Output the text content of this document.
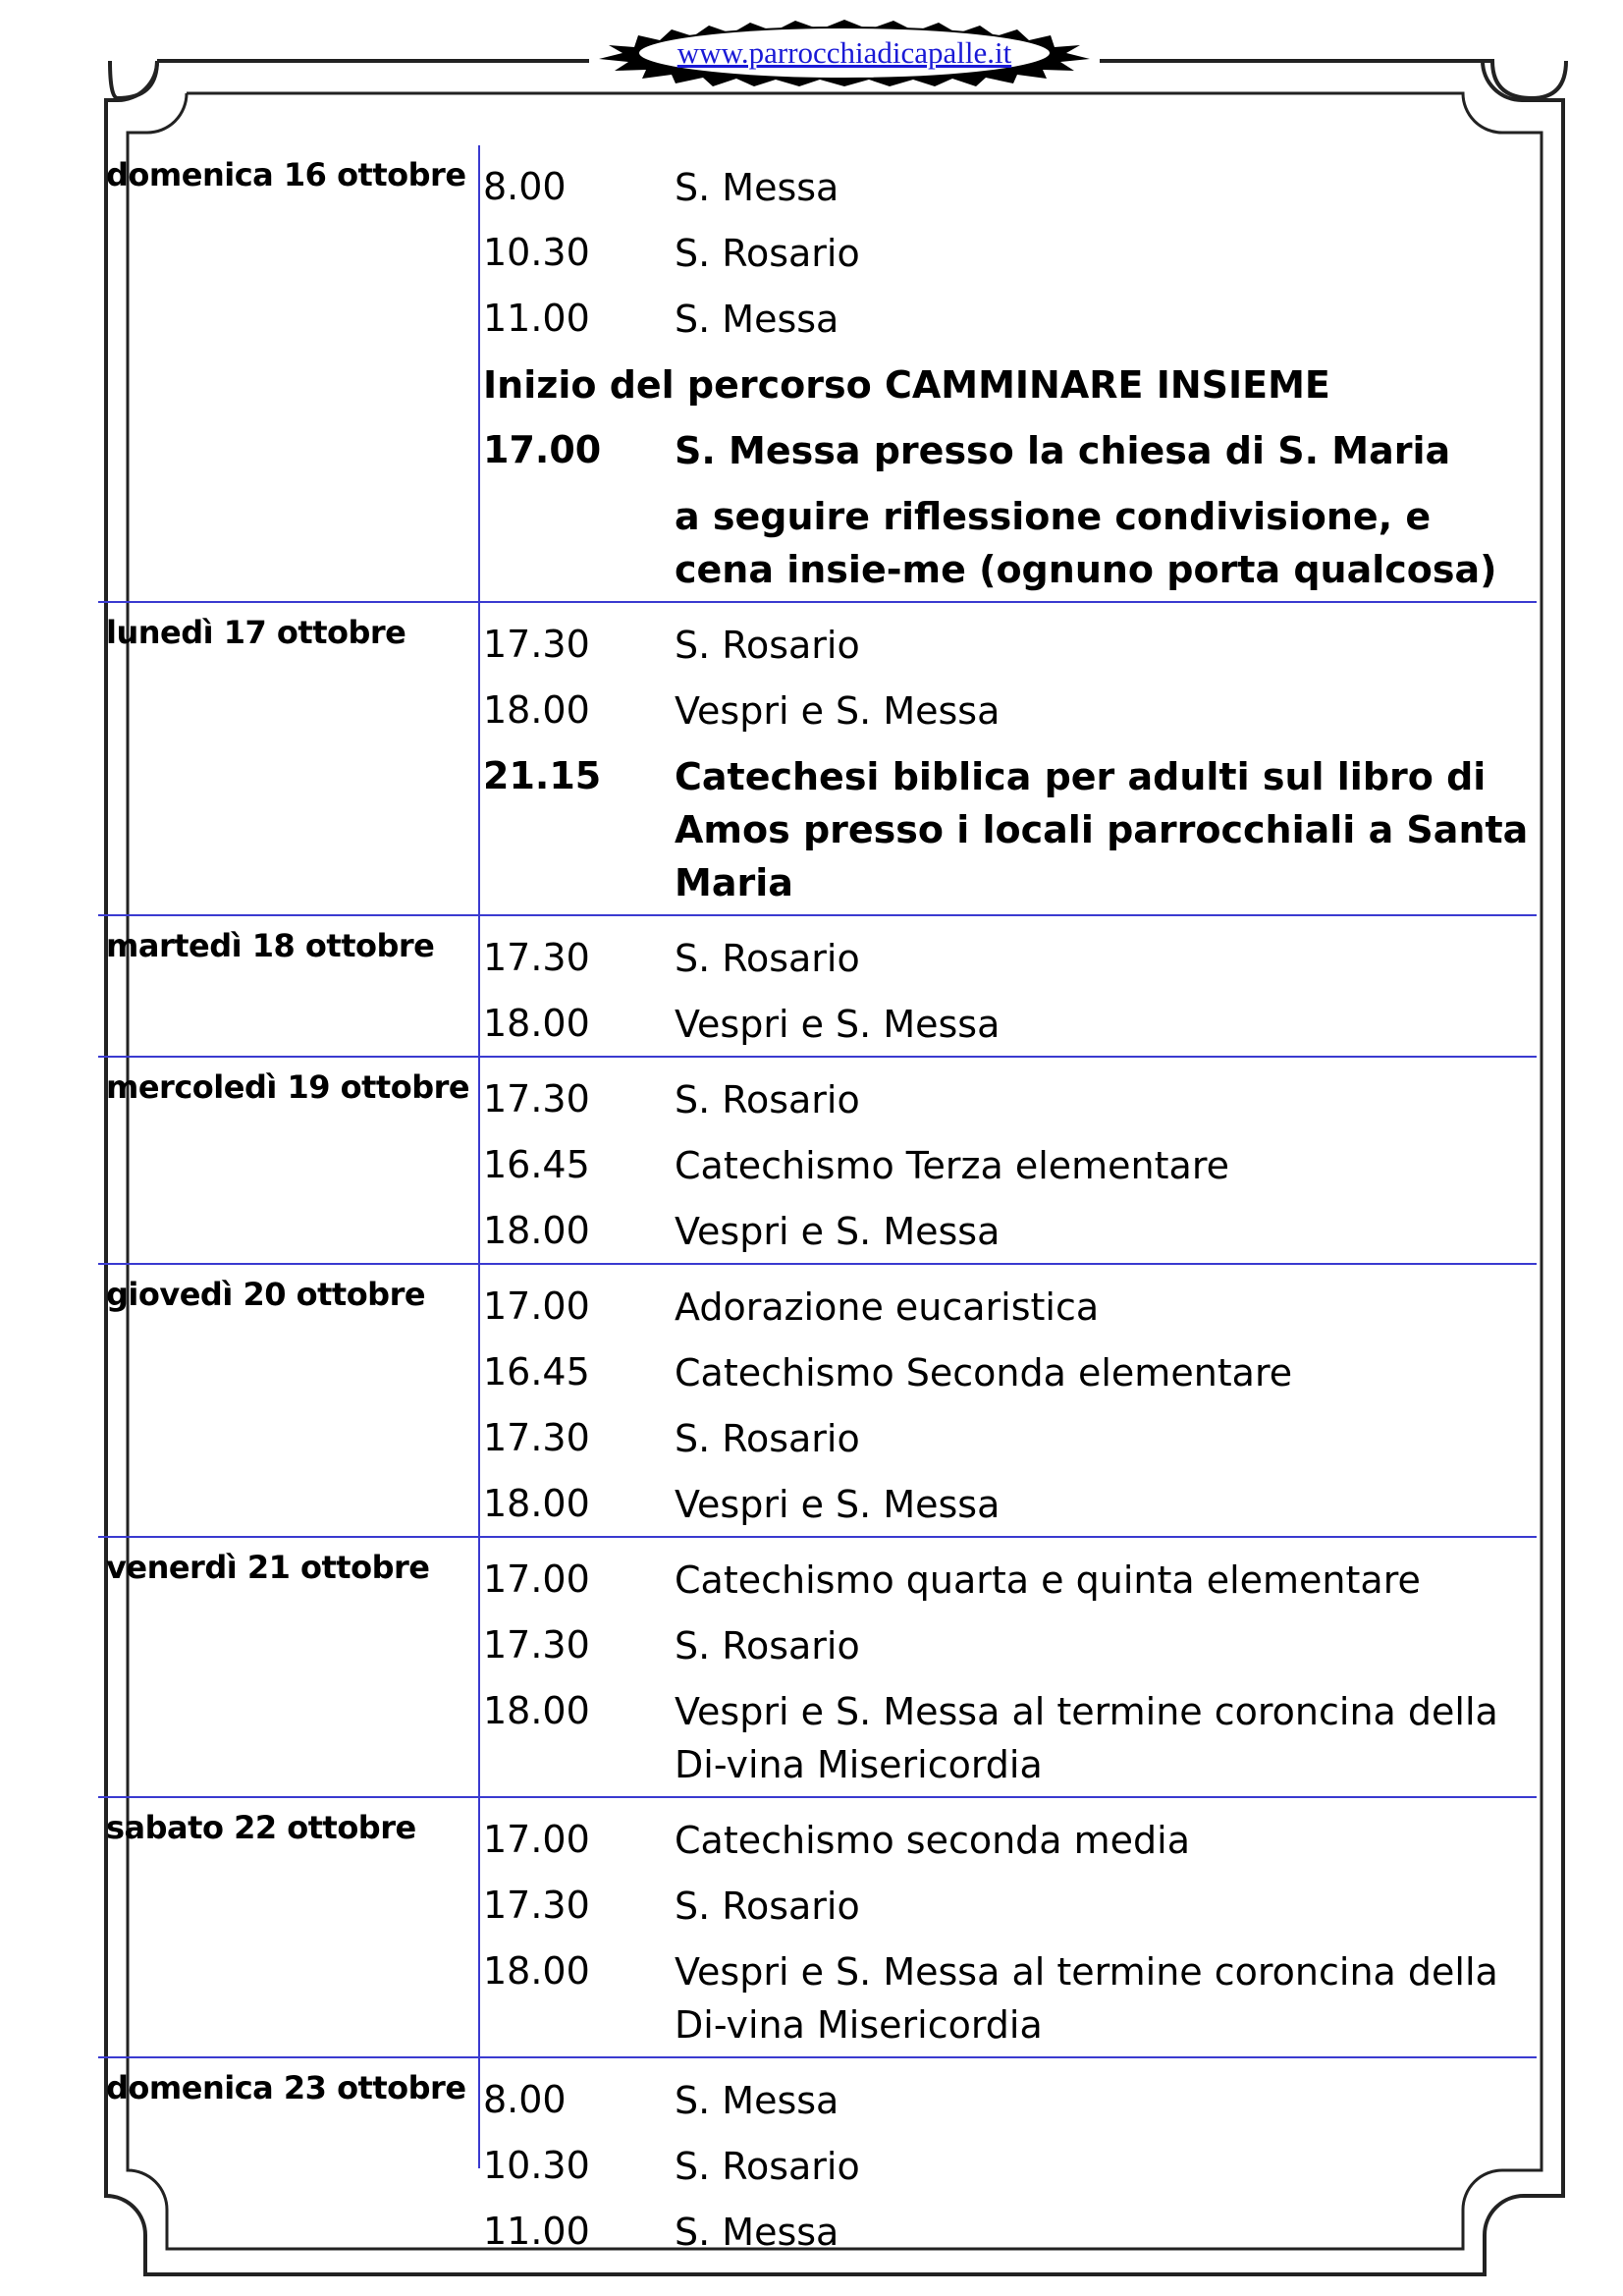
www.parrocchiadicapalle.it
domenica 16 ottobre 8.00	S. Messa
10.30 S. Rosario
11.00 S. Messa
Inizio del percorso CAMMINARE INSIEME
17.00 S. Messa presso la chiesa di S. Maria
a seguire riflessione condivisione, e cena insie-me (ognuno porta qualcosa)
lunedì 17 ottobre 17.30 S. Rosario
18.00 Vespri e S. Messa
21.15 Catechesi biblica per adulti sul libro di Amos presso i locali parrocchiali a Santa Maria
martedì 18 ottobre 17.30 S. Rosario
18.00 Vespri e S. Messa
mercoledì 19 ottobre 17.30 S. Rosario
16.45 Catechismo Terza elementare
18.00 Vespri e S. Messa
giovedì 20 ottobre 17.00 Adorazione eucaristica
16.45 Catechismo Seconda elementare
17.30 S. Rosario
18.00 Vespri e S. Messa
venerdì 21 ottobre 17.00 Catechismo quarta e quinta elementare
17.30 S. Rosario
18.00 Vespri e S. Messa al termine coroncina della Di-vina Misericordia
sabato 22 ottobre 17.00 Catechismo seconda media
17.30 S. Rosario
18.00 Vespri e S. Messa al termine coroncina della Di-vina Misericordia
domenica 23 ottobre 8.00	S. Messa
10.30 S. Rosario
11.00 S. Messa
